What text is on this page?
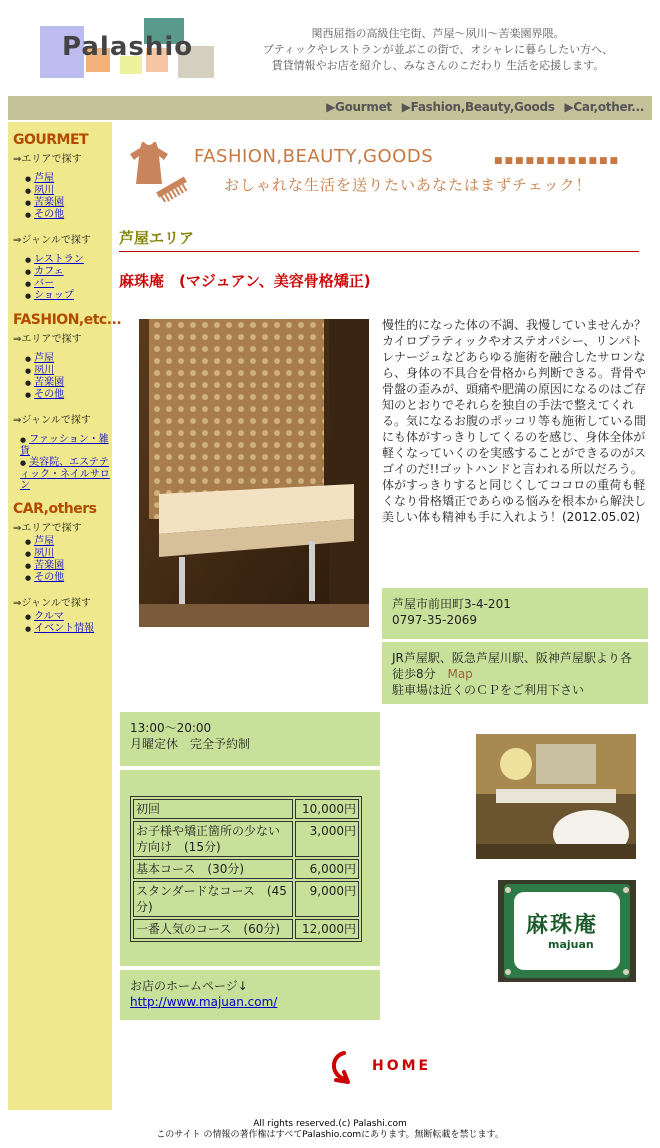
Palashio	関西屈指の高級住宅街、芦屋～夙川～苦楽園界隈。
ブティックやレストランが並ぶこの街で、オシャレに暮らしたい方へ、
賃貸情報やお店を紹介し、みなさんのこだわり 生活を応援します。
▶Gourmet ▶Fashion,Beauty,Goods ▶Car,other...
GOURMET
⇒エリアで探す
● 芦屋
● 夙川
● 苦楽園
● その他
⇒ジャンルで探す
● レストラン
● カフェ
● バー
● ショップ
FASHION,etc...
⇒エリアで探す
● 芦屋
● 夙川
● 苦楽園
● その他
⇒ジャンルで探す
● ファッション・雑貨
● 美容院、エステティック・ネイルサロン
CAR,others
⇒エリアで探す
● 芦屋
● 夙川
● 苦楽園
● その他
⇒ジャンルで探す
● クルマ
● イベント情報
FASHION,BEAUTY,GOODS	■■■■■■■■■■■■
おしゃれな生活を送りたいあなたはまずチェック！
芦屋エリア
麻珠庵　(マジュアン、美容骨格矯正)
慢性的になった体の不調、我慢していませんか？カイロプラティックやオステオパシー、リンパトレナージュなどあらゆる施術を融合したサロンなら、身体の不具合を骨格から判断できる。背骨や骨盤の歪みが、頭痛や肥満の原因になるのはご存知のとおりでそれらを独自の手法で整えてくれる。気になるお腹のポッコリ等も施術している間にも体がすっきりしてくるのを感じ、身体全体が軽くなっていくのを実感することができるのがスゴイのだ!!ゴットハンドと言われる所以だろう。体がすっきりすると同じくしてココロの重荷も軽くなり骨格矯正であらゆる悩みを根本から解決し美しい体も精神も手に入れよう！(2012.05.02)
芦屋市前田町3-4-201
0797-35-2069
JR芦屋駅、阪急芦屋川駅、阪神芦屋駅より各徒歩8分 Map
駐車場は近くのＣＰをご利用下さい
13:00～20:00
月曜定休　完全予約制
初回	10,000円
お子様や矯正箇所の少ない方向け　(15分)	3,000円
基本コース　(30分)	6,000円
スタンダードなコース　(45分)	9,000円
一番人気のコース　(60分)	12,000円
お店のホームページ↓
http://www.majuan.com/
麻珠庵
majuan
HOME
All rights reserved.(c) Palashi.com
このサイト の情報の著作権はすべてPalashio.comにあります。無断転載を禁じます。
